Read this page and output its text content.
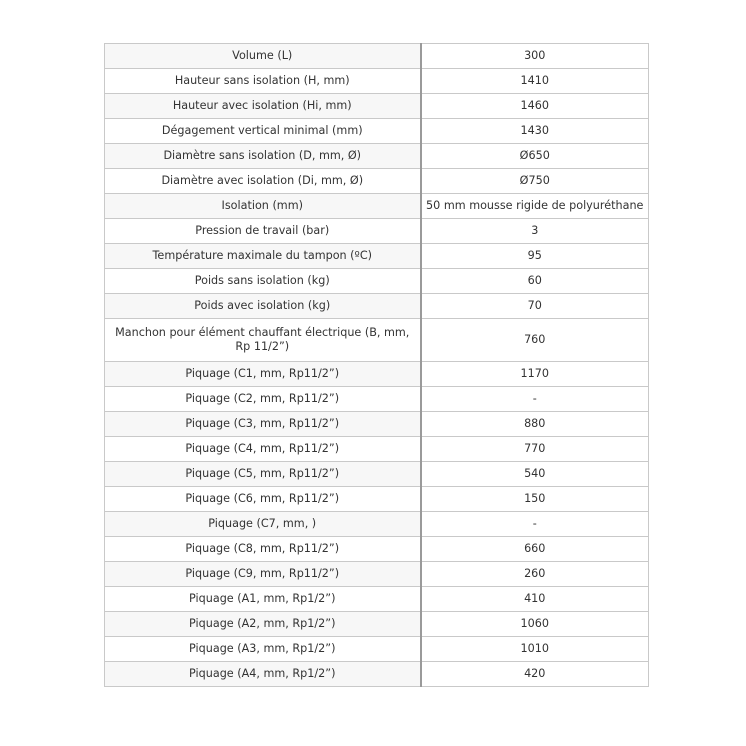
Volume (L)	300
Hauteur sans isolation (H, mm)	1410
Hauteur avec isolation (Hi, mm)	1460
Dégagement vertical minimal (mm)	1430
Diamètre sans isolation (D, mm, Ø)	Ø650
Diamètre avec isolation (Di, mm, Ø)	Ø750
Isolation (mm)	50 mm mousse rigide de polyuréthane
Pression de travail (bar)	3
Température maximale du tampon (ºC)	95
Poids sans isolation (kg)	60
Poids avec isolation (kg)	70
Manchon pour élément chauffant électrique (B, mm, Rp 11/2”)	760
Piquage (C1, mm, Rp11/2”)	1170
Piquage (C2, mm, Rp11/2”)	-
Piquage (C3, mm, Rp11/2”)	880
Piquage (C4, mm, Rp11/2”)	770
Piquage (C5, mm, Rp11/2”)	540
Piquage (C6, mm, Rp11/2”)	150
Piquage (C7, mm, )	-
Piquage (C8, mm, Rp11/2”)	660
Piquage (C9, mm, Rp11/2”)	260
Piquage (A1, mm, Rp1/2”)	410
Piquage (A2, mm, Rp1/2”)	1060
Piquage (A3, mm, Rp1/2”)	1010
Piquage (A4, mm, Rp1/2”)	420
